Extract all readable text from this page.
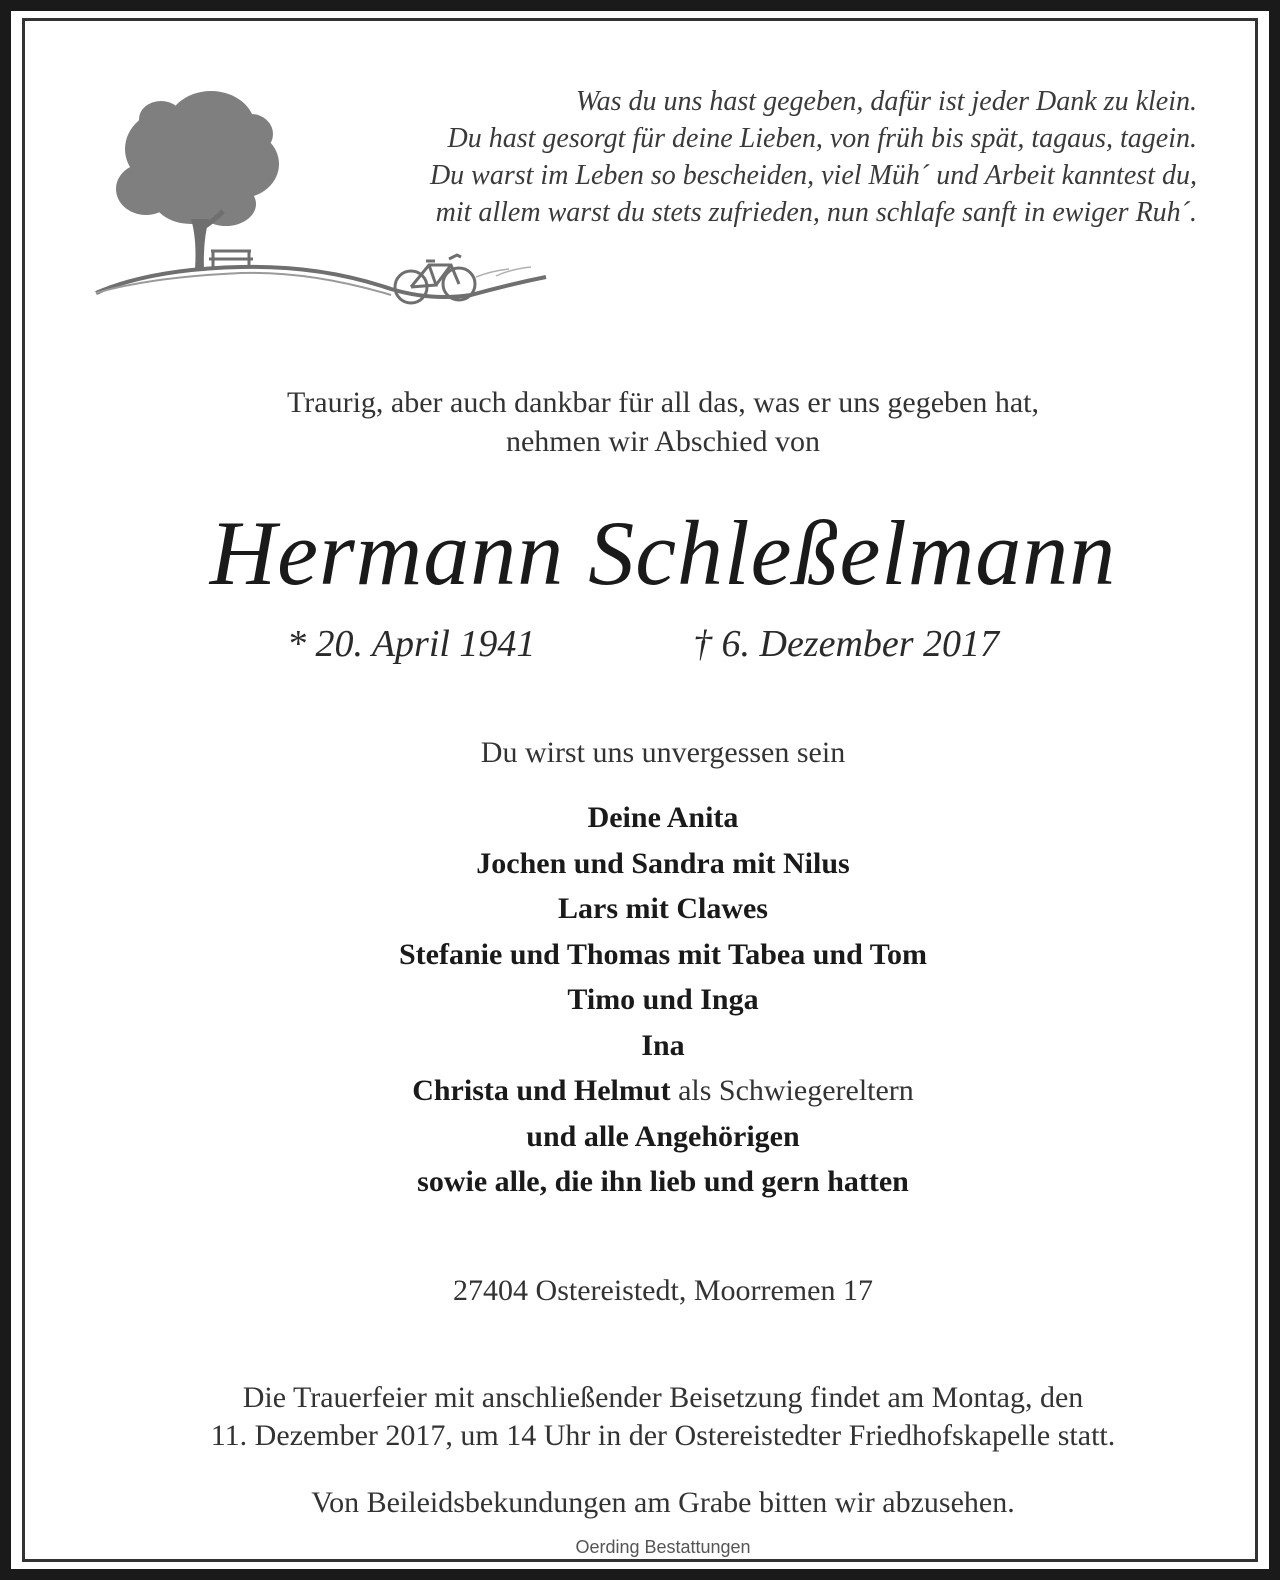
Was du uns hast gegeben, dafür ist jeder Dank zu klein.
Du hast gesorgt für deine Lieben, von früh bis spät, tagaus, tagein.
Du warst im Leben so bescheiden, viel Müh´ und Arbeit kanntest du,
mit allem warst du stets zufrieden, nun schlafe sanft in ewiger Ruh´.
Traurig, aber auch dankbar für all das, was er uns gegeben hat,
nehmen wir Abschied von
Hermann Schleßelmann
* 20. April 1941	† 6. Dezember 2017
Du wirst uns unvergessen sein
Deine Anita
Jochen und Sandra mit Nilus
Lars mit Clawes
Stefanie und Thomas mit Tabea und Tom
Timo und Inga
Ina
Christa und Helmut als Schwiegereltern
und alle Angehörigen
sowie alle, die ihn lieb und gern hatten
27404 Ostereistedt, Moorremen 17
Die Trauerfeier mit anschließender Beisetzung findet am Montag, den
11. Dezember 2017, um 14 Uhr in der Ostereistedter Friedhofskapelle statt.
Von Beileidsbekundungen am Grabe bitten wir abzusehen.
Oerding Bestattungen
